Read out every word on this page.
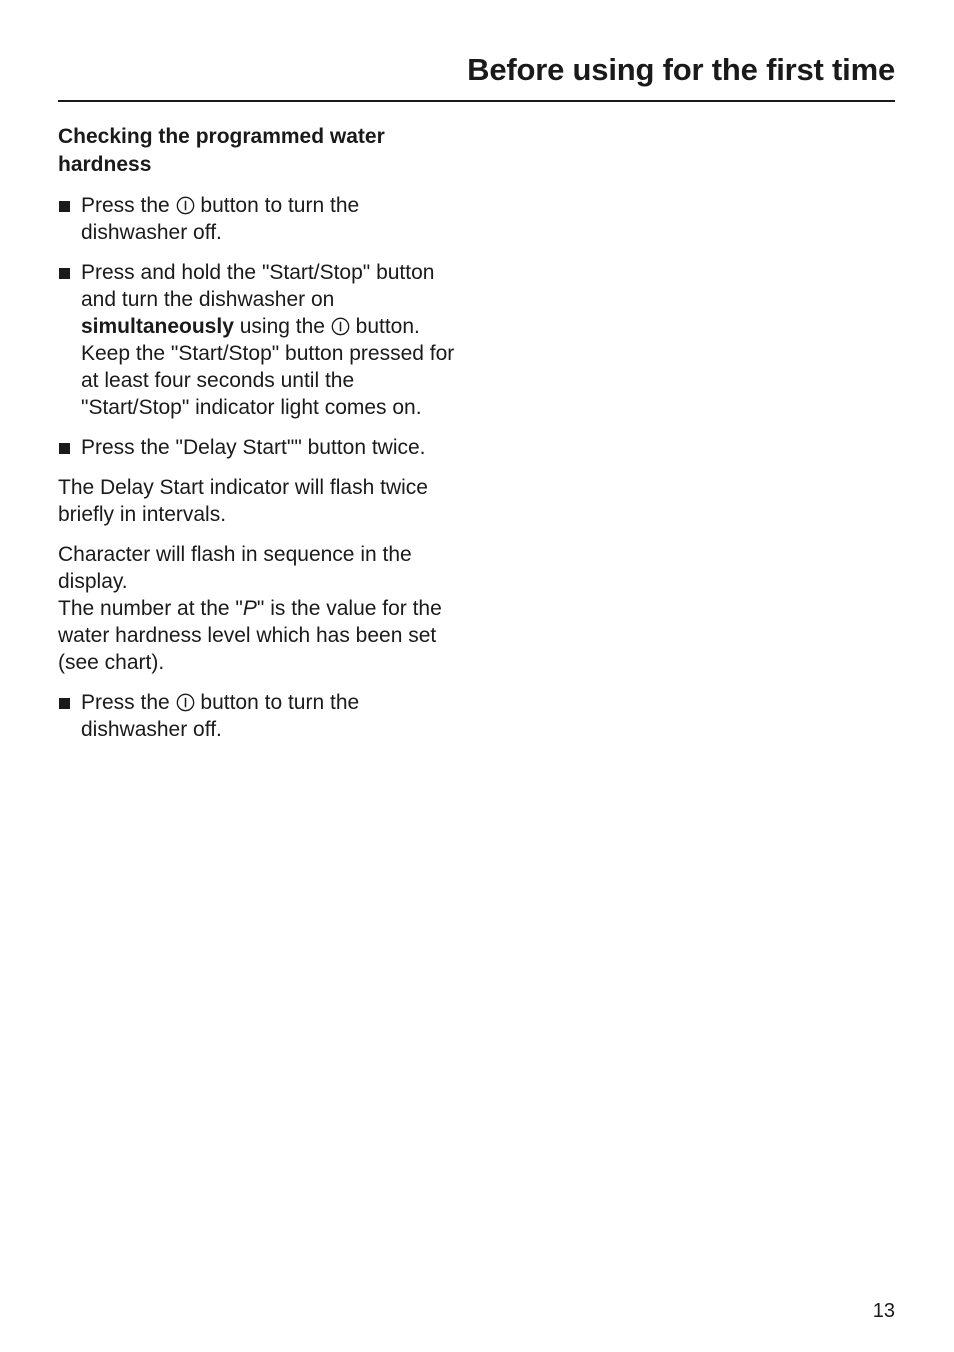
Before using for the first time
Checking the programmed water hardness
Press the button to turn the dishwasher off.
Press and hold the "Start/Stop" button and turn the dishwasher on simultaneously using the button. Keep the "Start/Stop" button pressed for at least four seconds until the "Start/Stop" indicator light comes on.
Press the "Delay Start"" button twice.

The Delay Start indicator will flash twice briefly in intervals.

Character will flash in sequence in the display.
The number at the "P" is the value for the water hardness level which has been set (see chart).

Press the button to turn the dishwasher off.
13
